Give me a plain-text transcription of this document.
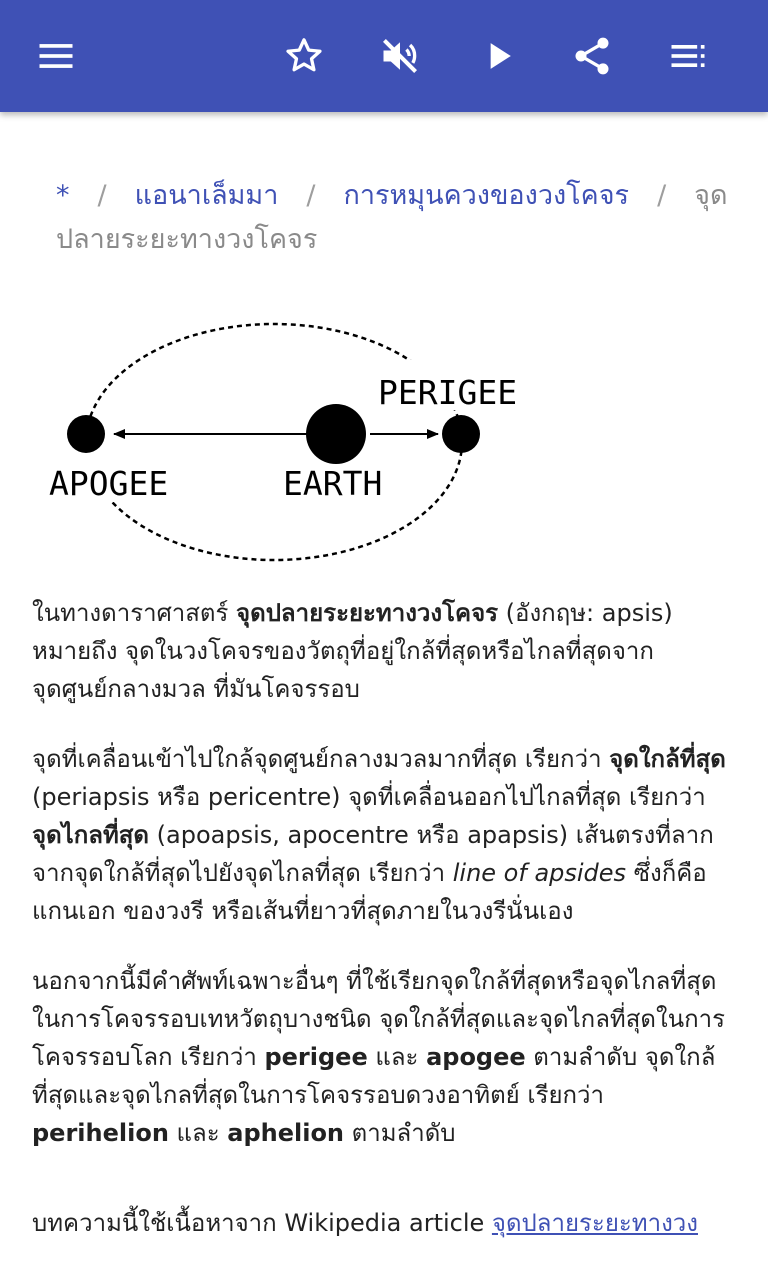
* / แอนาเล็มมา / การหมุนควงของวงโคจร / จุดปลายระยะทางวงโคจร
PERIGEE
APOGEE	EARTH

ในทางดาราศาสตร์ จุดปลายระยะทางวงโคจร (อังกฤษ: apsis) หมายถึง จุดในวงโคจรของวัตถุที่อยู่ใกล้ที่สุดหรือไกลที่สุดจากจุดศูนย์กลางมวล ที่มันโคจรรอบ

จุดที่เคลื่อนเข้าไปใกล้จุดศูนย์กลางมวลมากที่สุด เรียกว่า จุดใกล้ที่สุด (periapsis หรือ pericentre) จุดที่เคลื่อนออกไปไกลที่สุด เรียกว่า จุดไกลที่สุด (apoapsis, apocentre หรือ apapsis) เส้นตรงที่ลากจากจุดใกล้ที่สุดไปยังจุดไกลที่สุด เรียกว่า line of apsides ซึ่งก็คือ แกนเอก ของวงรี หรือเส้นที่ยาวที่สุดภายในวงรีนั่นเอง

นอกจากนี้มีคำศัพท์เฉพาะอื่นๆ ที่ใช้เรียกจุดใกล้ที่สุดหรือจุดไกลที่สุดในการโคจรรอบเทหวัตถุบางชนิด จุดใกล้ที่สุดและจุดไกลที่สุดในการโคจรรอบโลก เรียกว่า perigee และ apogee ตามลำดับ จุดใกล้ที่สุดและจุดไกลที่สุดในการโคจรรอบดวงอาทิตย์ เรียกว่า perihelion และ aphelion ตามลำดับ

บทความนี้ใช้เนื้อหาจาก Wikipedia article จุดปลายระยะทางวง
